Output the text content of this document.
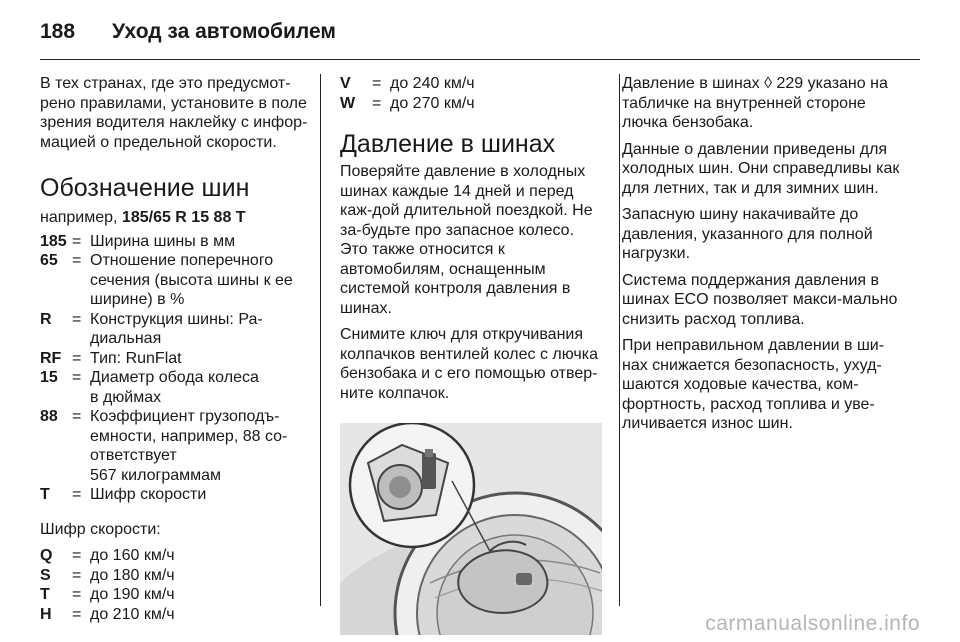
188	Уход за автомобилем

В тех странах, где это предусмот-рено правилами, установите в поле зрения водителя наклейку с инфор-мацией о предельной скорости.

Обозначение шин
например, 185/65 R 15 88 T
185 = Ширина шины в мм
65 = Отношение поперечного
сечения (высота шины к ее
ширине) в %
R	= Конструкция шины: Ра-
диальная
RF = Тип: RunFlat
15 = Диаметр обода колеса
в дюймах
88 = Коэффициент грузоподъ-
емности, например, 88 со-
ответствует
567 килограммам
T	= Шифр скорости

Шифр скорости:

Q	= до 160 км/ч
S	= до 180 км/ч
T	= до 190 км/ч
H	= до 210 км/ч
V	= до 240 км/ч
W	= до 270 км/ч
Давление в шинах

Поверяйте давление в холодных шинах каждые 14 дней и перед каж-дой длительной поездкой. Не за-будьте про запасное колесо. Это также относится к автомобилям, оснащенным системой контроля давления в шинах.

Снимите ключ для откручивания колпачков вентилей колес с лючка бензобака и с его помощью отвер-ните колпачок.

Давление в шинах ◊ 229 указано на табличке на внутренней стороне лючка бензобака.

Данные о давлении приведены для холодных шин. Они справедливы как для летних, так и для зимних шин.

Запасную шину накачивайте до давления, указанного для полной нагрузки.

Система поддержания давления в шинах ECO позволяет макси-мально снизить расход топлива.

При неправильном давлении в ши-нах снижается безопасность, ухуд-шаются ходовые качества, ком-фортность, расход топлива и уве-личивается износ шин.

carmanualsonline.info
